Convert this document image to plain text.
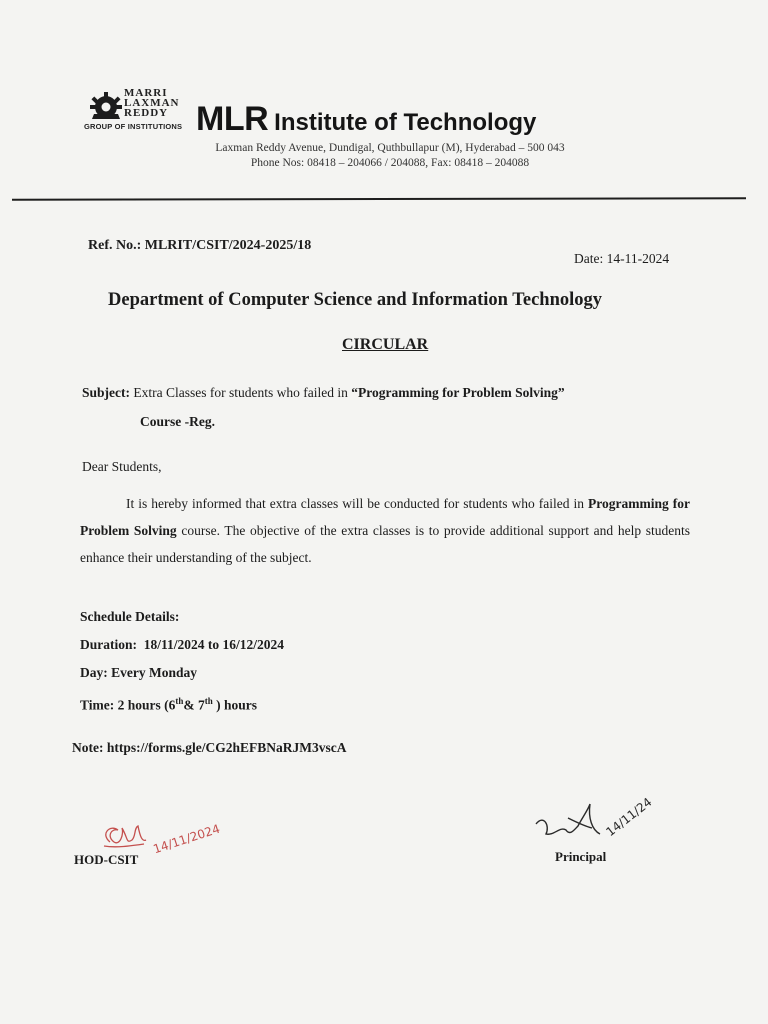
MARRI
LAXMAN
REDDY
GROUP OF INSTITUTIONS MLR Institute of Technology
Laxman Reddy Avenue, Dundigal, Quthbullapur (M), Hyderabad – 500 043
Phone Nos: 08418 – 204066 / 204088, Fax: 08418 – 204088
Ref. No.: MLRIT/CSIT/2024-2025/18
Date: 14-11-2024
Department of Computer Science and Information Technology
CIRCULAR
Subject: Extra Classes for students who failed in “Programming for Problem Solving”
Course -Reg.
Dear Students,
It is hereby informed that extra classes will be conducted for students who failed in Programming for Problem Solving course. The objective of the extra classes is to provide additional support and help students enhance their understanding of the subject.
Schedule Details:
Duration: 18/11/2024 to 16/12/2024
Day: Every Monday
Time: 2 hours (6th& 7th ) hours
Note: https://forms.gle/CG2hEFBNaRJM3vscA
14/11/2024
HOD-CSIT
14/11/24
Principal
